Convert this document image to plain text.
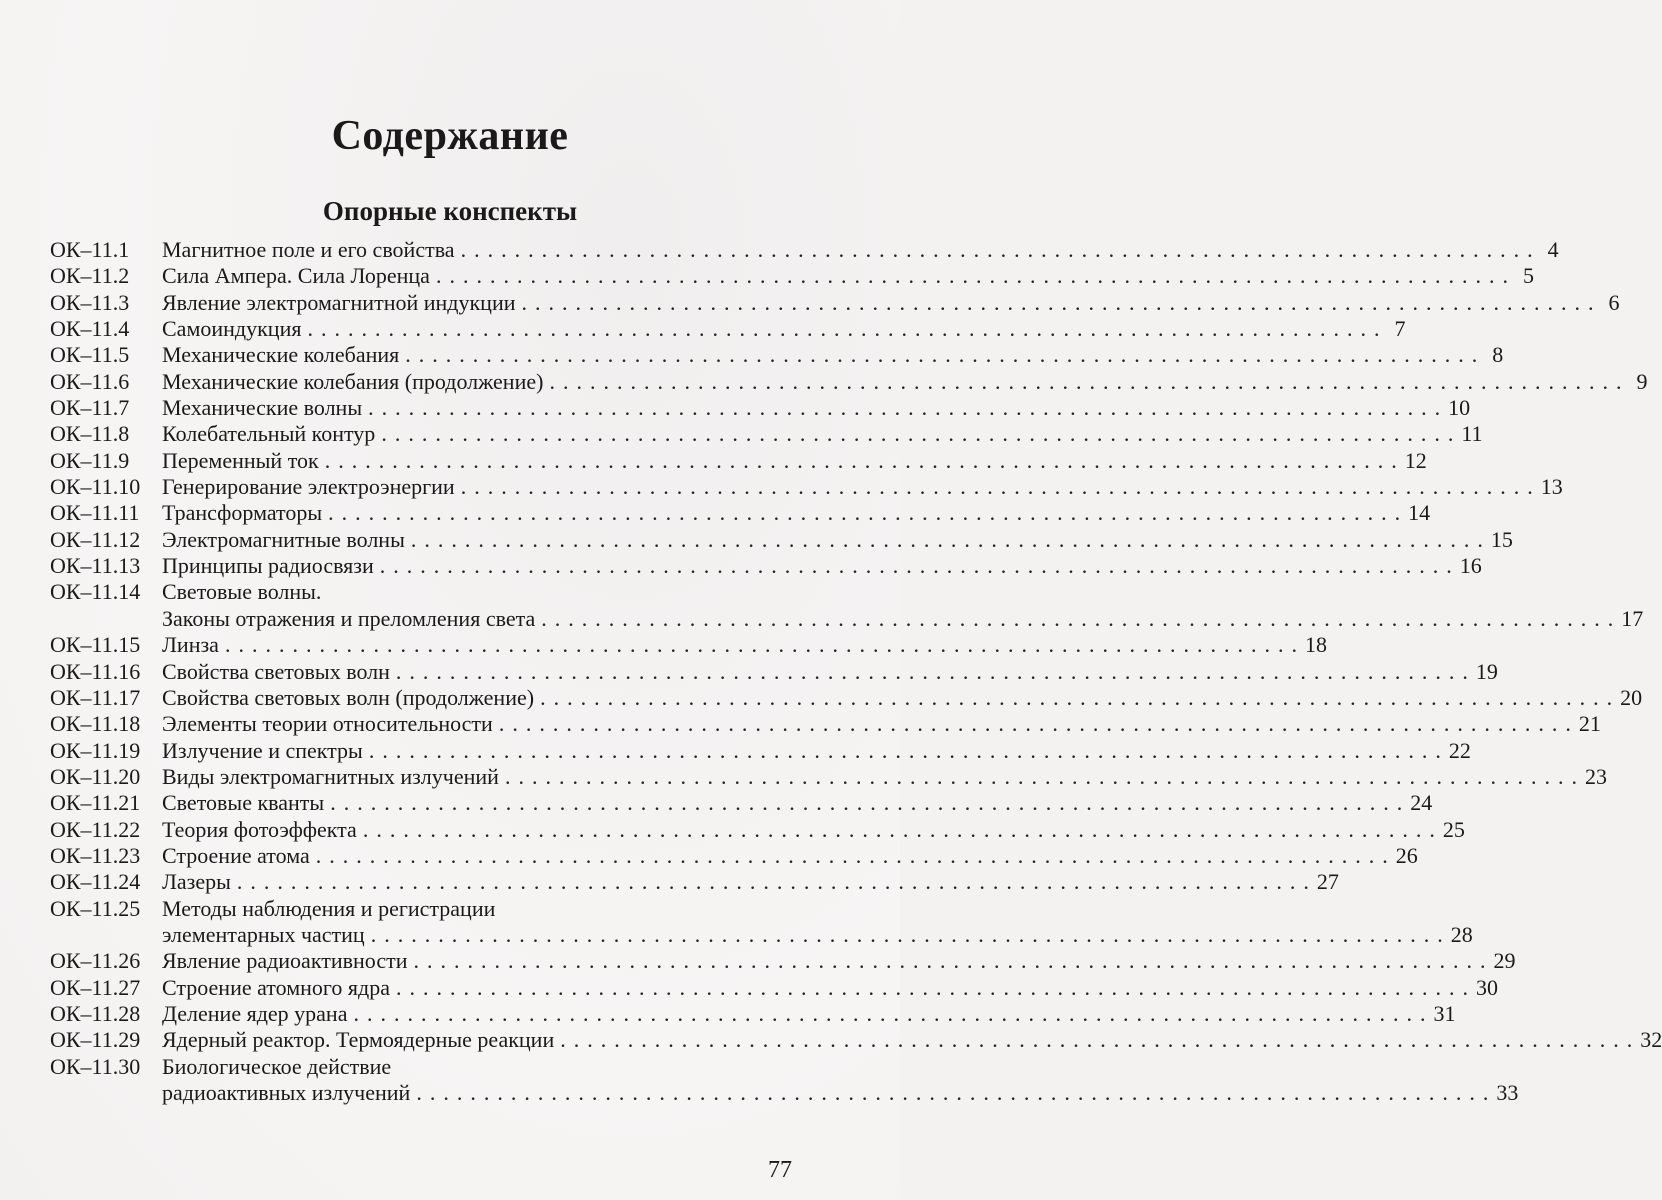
Содержание
Опорные конспекты
ОК–11.1 Магнитное поле и его свойства ................................................................................ 4
ОК–11.2 Сила Ампера. Сила Лоренца ................................................................................ 5
ОК–11.3 Явление электромагнитной индукции ................................................................................ 6
ОК–11.4 Самоиндукция ................................................................................ 7
ОК–11.5 Механические колебания ................................................................................ 8
ОК–11.6 Механические колебания (продолжение) ................................................................................ 9
ОК–11.7 Механические волны ................................................................................ 10
ОК–11.8 Колебательный контур ................................................................................ 11
ОК–11.9 Переменный ток ................................................................................ 12
ОК–11.10 Генерирование электроэнергии ................................................................................ 13
ОК–11.11 Трансформаторы ................................................................................ 14
ОК–11.12 Электромагнитные волны ................................................................................ 15
ОК–11.13 Принципы радиосвязи ................................................................................ 16
ОК–11.14 Световые волны.
Законы отражения и преломления света ................................................................................ 17
ОК–11.15 Линза ................................................................................ 18
ОК–11.16 Свойства световых волн ................................................................................ 19
ОК–11.17 Свойства световых волн (продолжение) ................................................................................ 20
ОК–11.18 Элементы теории относительности ................................................................................ 21
ОК–11.19 Излучение и спектры ................................................................................ 22
ОК–11.20 Виды электромагнитных излучений ................................................................................ 23
ОК–11.21 Световые кванты ................................................................................ 24
ОК–11.22 Теория фотоэффекта ................................................................................ 25
ОК–11.23 Строение атома ................................................................................ 26
ОК–11.24 Лазеры ................................................................................ 27
ОК–11.25 Методы наблюдения и регистрации
элементарных частиц ................................................................................ 28
ОК–11.26 Явление радиоактивности ................................................................................ 29
ОК–11.27 Строение атомного ядра ................................................................................ 30
ОК–11.28 Деление ядер урана ................................................................................ 31
ОК–11.29 Ядерный реактор. Термоядерные реакции ................................................................................ 32
ОК–11.30 Биологическое действие
радиоактивных излучений ................................................................................ 33
77
